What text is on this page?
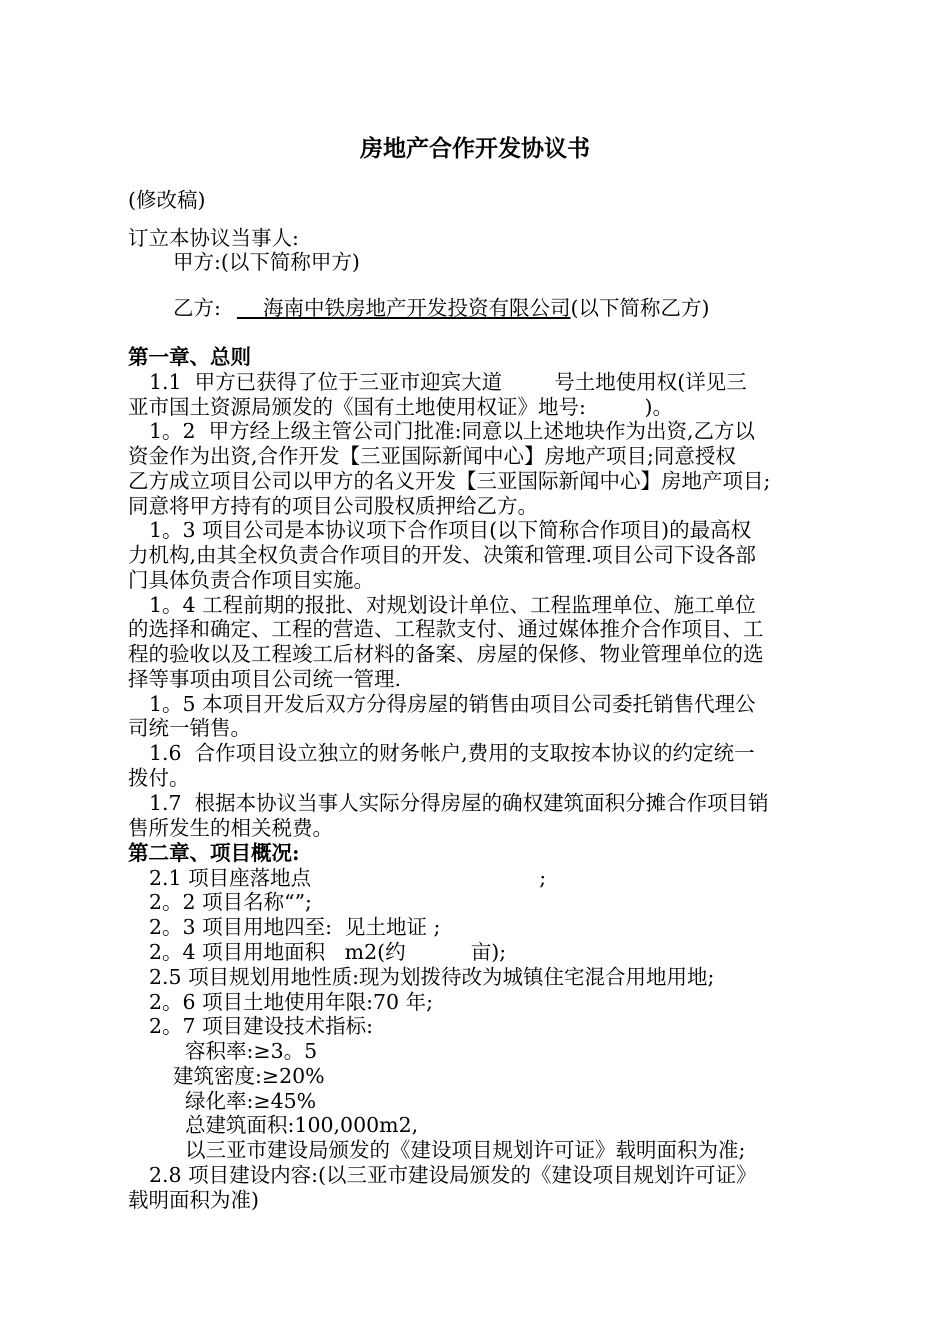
房地产合作开发协议书
(修改稿)
订立本协议当事人:
甲方:(以下简称甲方)
乙方:    海南中铁房地产开发投资有限公司(以下简称乙方)
第一章、总则
1.1  甲方已获得了位于三亚市迎宾大道        号土地使用权(详见三
亚市国土资源局颁发的《国有土地使用权证》地号:         )。
1。2  甲方经上级主管公司门批准:同意以上述地块作为出资,乙方以
资金作为出资,合作开发【三亚国际新闻中心】房地产项目;同意授权
乙方成立项目公司以甲方的名义开发【三亚国际新闻中心】房地产项目;
同意将甲方持有的项目公司股权质押给乙方。
1。3 项目公司是本协议项下合作项目(以下简称合作项目)的最高权
力机构,由其全权负责合作项目的开发、决策和管理.项目公司下设各部
门具体负责合作项目实施。
1。4 工程前期的报批、对规划设计单位、工程监理单位、施工单位
的选择和确定、工程的营造、工程款支付、通过媒体推介合作项目、工
程的验收以及工程竣工后材料的备案、房屋的保修、物业管理单位的选
择等事项由项目公司统一管理.
1。5 本项目开发后双方分得房屋的销售由项目公司委托销售代理公
司统一销售。
1.6  合作项目设立独立的财务帐户,费用的支取按本协议的约定统一
拨付。
1.7  根据本协议当事人实际分得房屋的确权建筑面积分摊合作项目销
售所发生的相关税费。
第二章、项目概况:
2.1 项目座落地点                                   ;
2。2 项目名称“”;
2。3 项目用地四至:  见土地证 ;
2。4 项目用地面积   m2(约          亩);
2.5 项目规划用地性质:现为划拨待改为城镇住宅混合用地用地;
2。6 项目土地使用年限:70 年;
2。7 项目建设技术指标:
容积率:≥3。5
建筑密度:≥20%
绿化率:≥45%
总建筑面积:100,000m2,
以三亚市建设局颁发的《建设项目规划许可证》载明面积为准;
2.8 项目建设内容:(以三亚市建设局颁发的《建设项目规划许可证》
载明面积为准)
